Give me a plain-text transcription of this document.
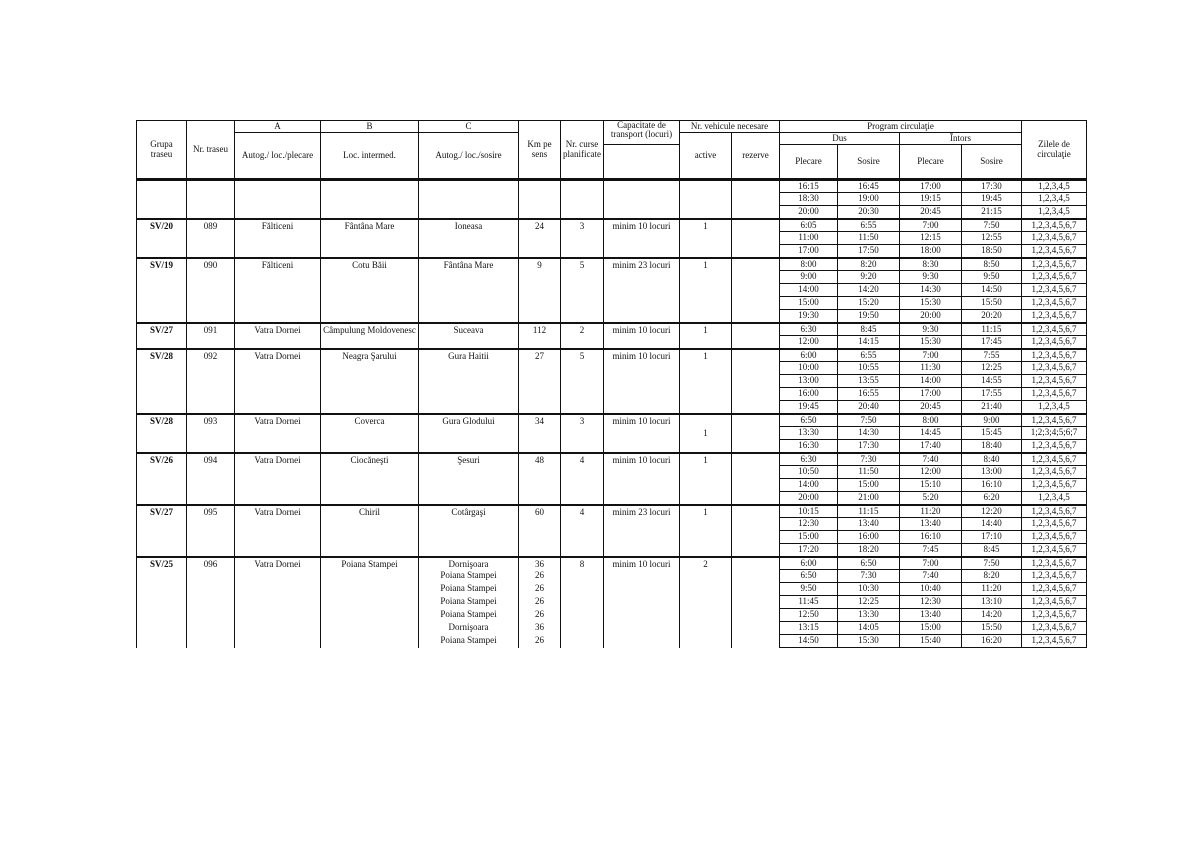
Grupa traseu	Nr. traseu	A	B	C	Km pe sens	Nr. curse planificate	Capacitate de transport (locuri)	Nr. vehicule necesare		Program circulaţie				Zilele de circulaţie
		Autog./ loc./plecare	Loc. intermed.	Autog./ loc./sosire				active	rezerve	Dus		Întors		
										Plecare	Sosire	Plecare	Sosire	
										16:15	16:45	17:00	17:30	1,2,3,4,5
										18:30	19:00	19:15	19:45	1,2,3,4,5
										20:00	20:30	20:45	21:15	1,2,3,4,5
SV/20	089	Fălticeni	Fântâna Mare	Ioneasa	24	3	minim 10 locuri	1		6:05	6:55	7:00	7:50	1,2,3,4,5,6,7
										11:00	11:50	12:15	12:55	1,2,3,4,5,6,7
										17:00	17:50	18:00	18:50	1,2,3,4,5,6,7
SV/19	090	Fălticeni	Cotu Băii	Fântâna Mare	9	5	minim 23 locuri	1		8:00	8:20	8:30	8:50	1,2,3,4,5,6,7
										9:00	9:20	9:30	9:50	1,2,3,4,5,6,7
										14:00	14:20	14:30	14:50	1,2,3,4,5,6,7
										15:00	15:20	15:30	15:50	1,2,3,4,5,6,7
										19:30	19:50	20:00	20:20	1,2,3,4,5,6,7
SV/27	091	Vatra Dornei	Câmpulung Moldovenesc	Suceava	112	2	minim 10 locuri	1		6:30	8:45	9:30	11:15	1,2,3,4,5,6,7
										12:00	14:15	15:30	17:45	1,2,3,4,5,6,7
SV/28	092	Vatra Dornei	Neagra Şarului	Gura Haitii	27	5	minim 10 locuri	1		6:00	6:55	7:00	7:55	1,2,3,4,5,6,7
										10:00	10:55	11:30	12:25	1,2,3,4,5,6,7
										13:00	13:55	14:00	14:55	1,2,3,4,5,6,7
										16:00	16:55	17:00	17:55	1,2,3,4,5,6,7
										19:45	20:40	20:45	21:40	1,2,3,4,5
SV/28	093	Vatra Dornei	Coverca	Gura Glodului	34	3	minim 10 locuri	1		6:50	7:50	8:00	9:00	1,2,3,4,5,6,7
										13:30	14:30	14:45	15:45	1;2;3;4;5;6;7
										16:30	17:30	17:40	18:40	1,2,3,4,5,6,7
SV/26	094	Vatra Dornei	Ciocăneşti	Şesuri	48	4	minim 10 locuri	1		6:30	7:30	7:40	8:40	1,2,3,4,5,6,7
										10:50	11:50	12:00	13:00	1,2,3,4,5,6,7
										14:00	15:00	15:10	16:10	1,2,3,4,5,6,7
										20:00	21:00	5:20	6:20	1,2,3,4,5
SV/27	095	Vatra Dornei	Chiril	Cotârgaşi	60	4	minim 23 locuri	1		10:15	11:15	11:20	12:20	1,2,3,4,5,6,7
										12:30	13:40	13:40	14:40	1,2,3,4,5,6,7
										15:00	16:00	16:10	17:10	1,2,3,4,5,6,7
										17:20	18:20	7:45	8:45	1,2,3,4,5,6,7
SV/25	096	Vatra Dornei	Poiana Stampei	Dornişoara	36	8	minim 10 locuri	2		6:00	6:50	7:00	7:50	1,2,3,4,5,6,7
				Poiana Stampei	26					6:50	7:30	7:40	8:20	1,2,3,4,5,6,7
				Poiana Stampei	26					9:50	10:30	10:40	11:20	1,2,3,4,5,6,7
				Poiana Stampei	26					11:45	12:25	12:30	13:10	1,2,3,4,5,6,7
				Poiana Stampei	26					12:50	13:30	13:40	14:20	1,2,3,4,5,6,7
				Dornişoara	36					13:15	14:05	15:00	15:50	1,2,3,4,5,6,7
				Poiana Stampei	26					14:50	15:30	15:40	16:20	1,2,3,4,5,6,7
